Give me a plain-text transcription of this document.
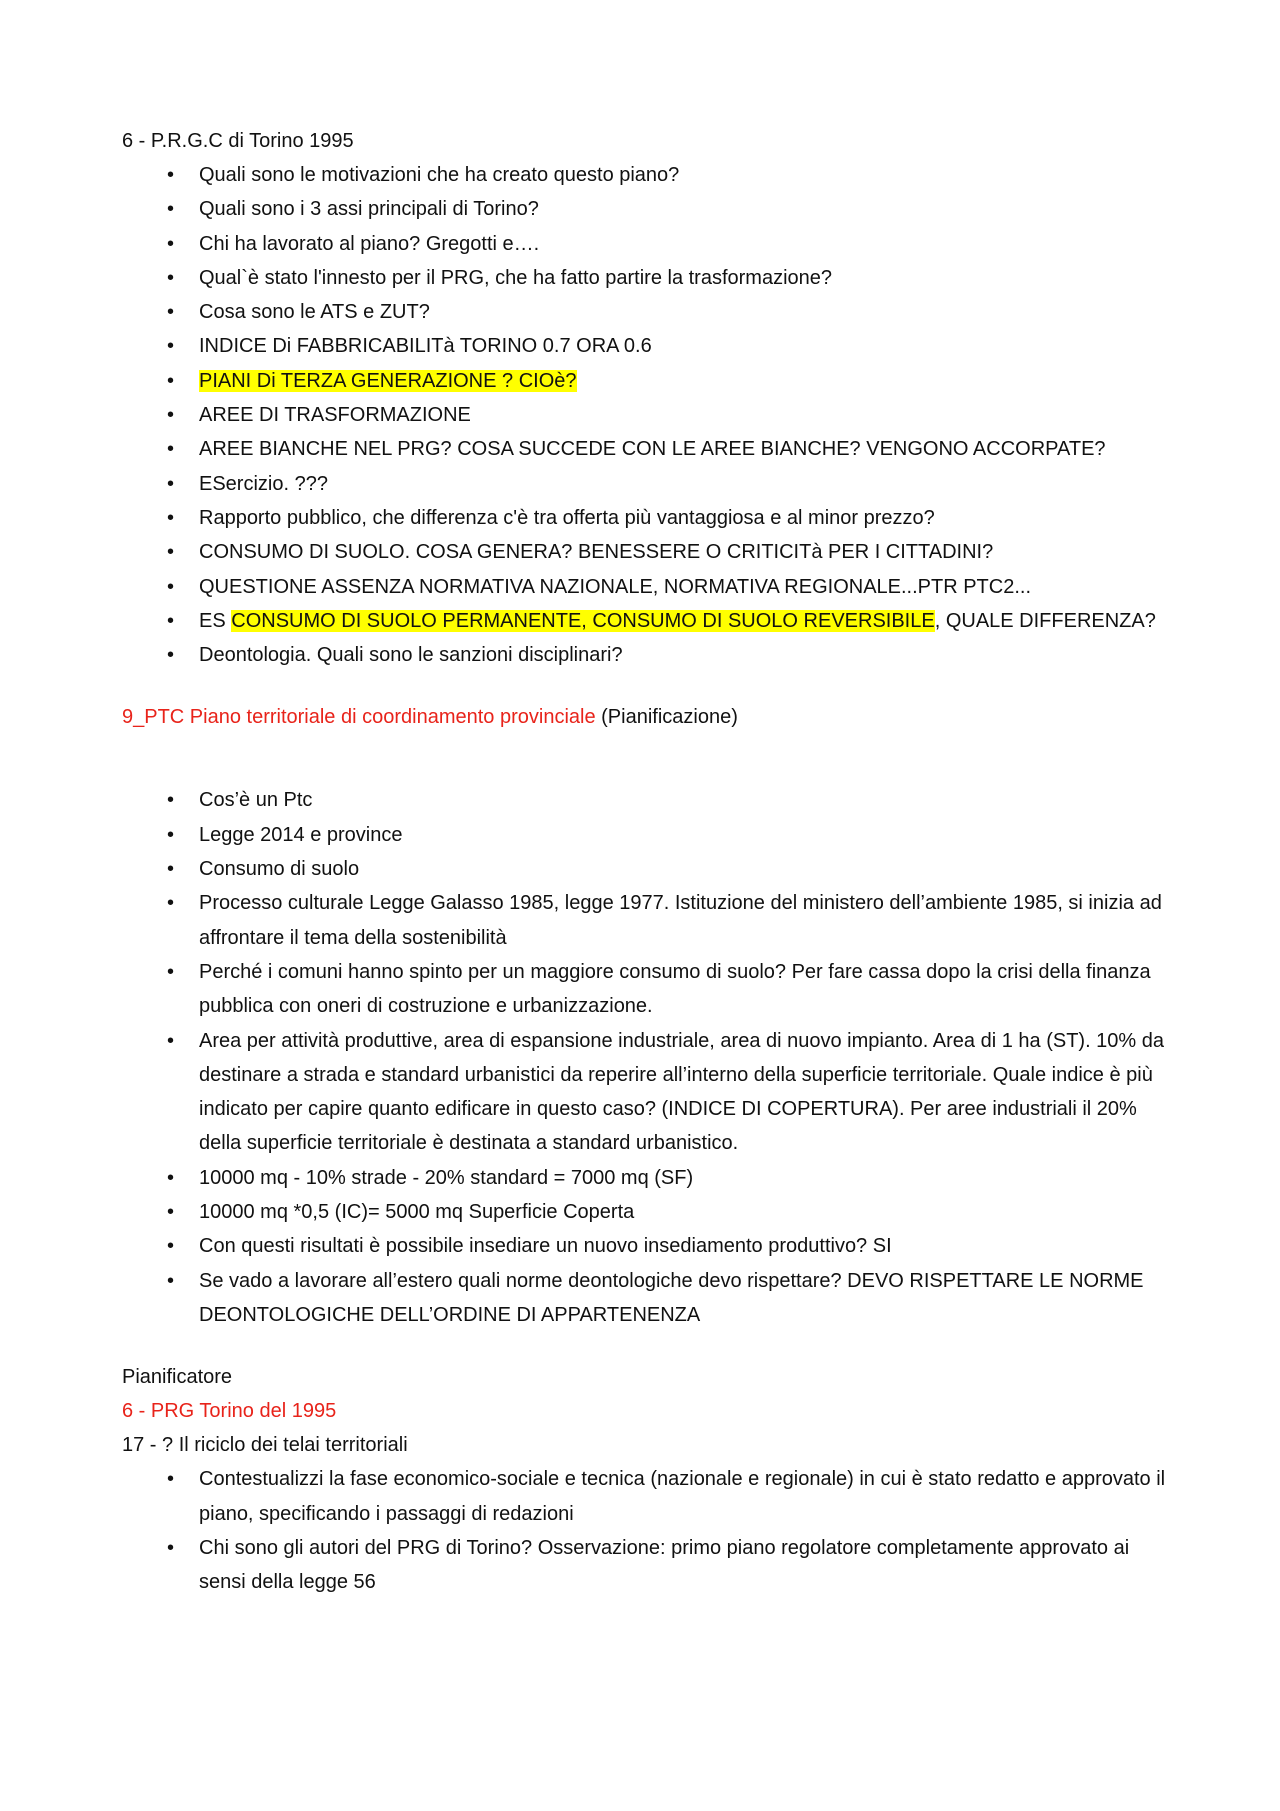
6 - P.R.G.C di Torino 1995

• Quali sono le motivazioni che ha creato questo piano?
• Quali sono i 3 assi principali di Torino?
• Chi ha lavorato al piano? Gregotti e….
• Qual`è stato l'innesto per il PRG, che ha fatto partire la trasformazione?
• Cosa sono le ATS e ZUT?
• INDICE Di FABBRICABILITà TORINO 0.7 ORA 0.6
• PIANI Di TERZA GENERAZIONE ? CIOè?
• AREE DI TRASFORMAZIONE
• AREE BIANCHE NEL PRG? COSA SUCCEDE CON LE AREE BIANCHE? VENGONO ACCORPATE?
• ESercizio. ???
• Rapporto pubblico, che differenza c'è tra offerta più vantaggiosa e al minor prezzo?
• CONSUMO DI SUOLO. COSA GENERA? BENESSERE O CRITICITà PER I CITTADINI?
• QUESTIONE ASSENZA NORMATIVA NAZIONALE, NORMATIVA REGIONALE...PTR PTC2...
• ES CONSUMO DI SUOLO PERMANENTE, CONSUMO DI SUOLO REVERSIBILE, QUALE DIFFERENZA?
• Deontologia. Quali sono le sanzioni disciplinari?

9_PTC Piano territoriale di coordinamento provinciale (Pianificazione)

• Cos’è un Ptc
• Legge 2014 e province
• Consumo di suolo
• Processo culturale Legge Galasso 1985, legge 1977. Istituzione del ministero dell’ambiente 1985, si inizia ad affrontare il tema della sostenibilità
• Perché i comuni hanno spinto per un maggiore consumo di suolo? Per fare cassa dopo la crisi della finanza pubblica con oneri di costruzione e urbanizzazione.
• Area per attività produttive, area di espansione industriale, area di nuovo impianto. Area di 1 ha (ST). 10% da destinare a strada e standard urbanistici da reperire all’interno della superficie territoriale. Quale indice è più indicato per capire quanto edificare in questo caso? (INDICE DI COPERTURA). Per aree industriali il 20% della superficie territoriale è destinata a standard urbanistico.
• 10000 mq - 10% strade - 20% standard = 7000 mq (SF)
• 10000 mq *0,5 (IC)= 5000 mq Superficie Coperta
• Con questi risultati è possibile insediare un nuovo insediamento produttivo? SI
• Se vado a lavorare all’estero quali norme deontologiche devo rispettare? DEVO RISPETTARE LE NORME DEONTOLOGICHE DELL’ORDINE DI APPARTENENZA

Pianificatore

6 - PRG Torino del 1995

17 - ? Il riciclo dei telai territoriali

• Contestualizzi la fase economico-sociale e tecnica (nazionale e regionale) in cui è stato redatto e approvato il piano, specificando i passaggi di redazioni
• Chi sono gli autori del PRG di Torino? Osservazione: primo piano regolatore completamente approvato ai sensi della legge 56
